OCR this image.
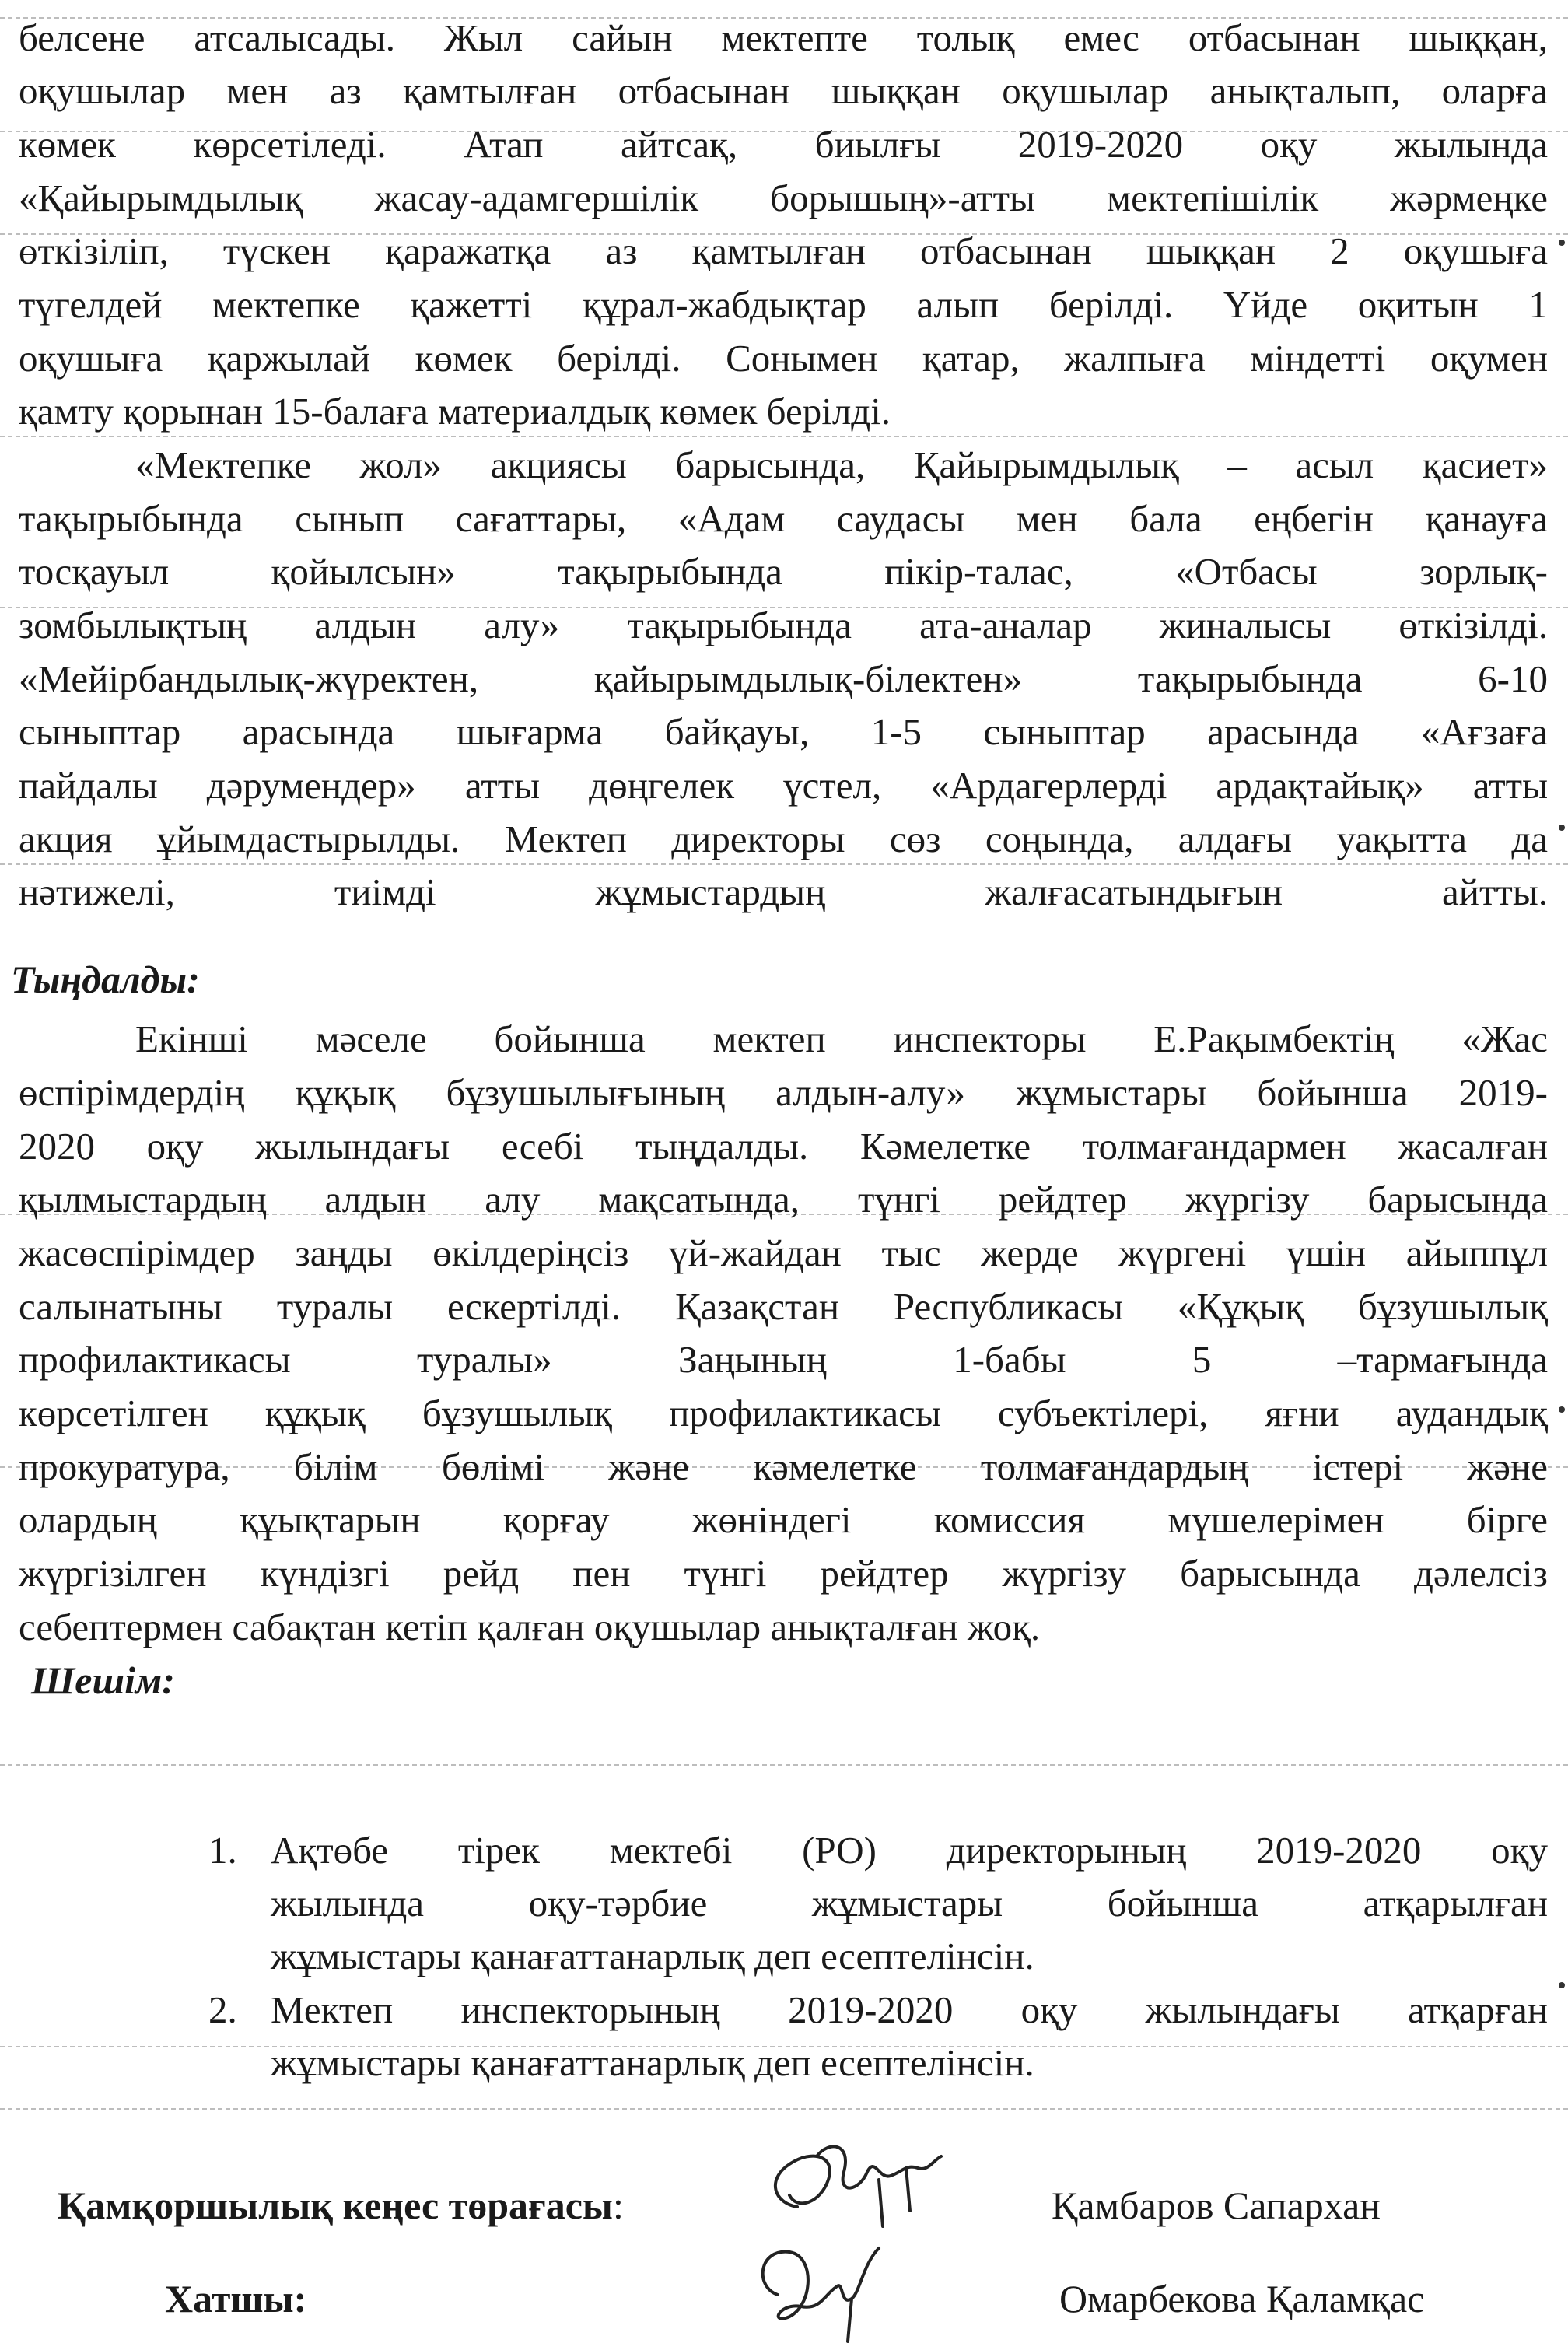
белсене атсалысады. Жыл сайын мектепте толық емес отбасынан шыққан,
оқушылар мен аз қамтылған отбасынан шыққан оқушылар анықталып, оларға
көмек көрсетіледі. Атап айтсақ, биылғы 2019-2020 оқу жылында
«Қайырымдылық жасау-адамгершілік борышың»-атты мектепішілік жәрмеңке
өткізіліп, түскен қаражатқа аз қамтылған отбасынан шыққан 2 оқушыға
түгелдей мектепке қажетті құрал-жабдықтар алып берілді. Үйде оқитын 1
оқушыға қаржылай көмек берілді. Сонымен қатар, жалпыға міндетті оқумен
қамту қорынан 15-балаға материалдық көмек берілді.
«Мектепке жол» акциясы барысында, Қайырымдылық – асыл қасиет»
тақырыбында сынып сағаттары, «Адам саудасы мен бала еңбегін қанауға
тосқауыл қойылсын» тақырыбында пікір-талас, «Отбасы зорлық-
зомбылықтың алдын алу» тақырыбында ата-аналар жиналысы өткізілді.
«Мейірбандылық-жүректен, қайырымдылық-білектен» тақырыбында 6-10
сыныптар арасында шығарма байқауы, 1-5 сыныптар арасында «Ағзаға
пайдалы дәрумендер» атты дөңгелек үстел, «Ардагерлерді ардақтайық» атты
акция ұйымдастырылды. Мектеп директоры сөз соңында, алдағы уақытта да
нәтижелі, тиімді жұмыстардың жалғасатындығын айтты.
Тыңдалды:
Екінші мәселе бойынша мектеп инспекторы Е.Рақымбектің «Жас
өспірімдердің құқық бұзушылығының алдын-алу» жұмыстары бойынша 2019-
2020 оқу жылындағы есебі тыңдалды. Кәмелетке толмағандармен жасалған
қылмыстардың алдын алу мақсатында, түнгі рейдтер жүргізу барысында
жасөспірімдер заңды өкілдеріңсіз үй-жайдан тыс жерде жүргені үшін айыппұл
салынатыны туралы ескертілді. Қазақстан Республикасы «Құқық бұзушылық
профилактикасы туралы» Заңының 1-бабы 5 –тармағында
көрсетілген құқық бұзушылық профилактикасы субъектілері, яғни аудандық
прокуратура, білім бөлімі және кәмелетке толмағандардың істері және
олардың құықтарын қорғау жөніндегі комиссия мүшелерімен бірге
жүргізілген күндізгі рейд пен түнгі рейдтер жүргізу барысында дәлелсіз
себептермен сабақтан кетіп қалған оқушылар анықталған жоқ.
Шешім:
1. Ақтөбе тірек мектебі (РО) директорының 2019-2020 оқу
жылында оқу-тәрбие жұмыстары бойынша атқарылған
жұмыстары қанағаттанарлық деп есептелінсін.
2. Мектеп инспекторының 2019-2020 оқу жылындағы атқарған
жұмыстары қанағаттанарлық деп есептелінсін.
Қамқоршылық кеңес төрағасы:	Қамбаров Сапархан
Хатшы:	Омарбекова Қаламқас
